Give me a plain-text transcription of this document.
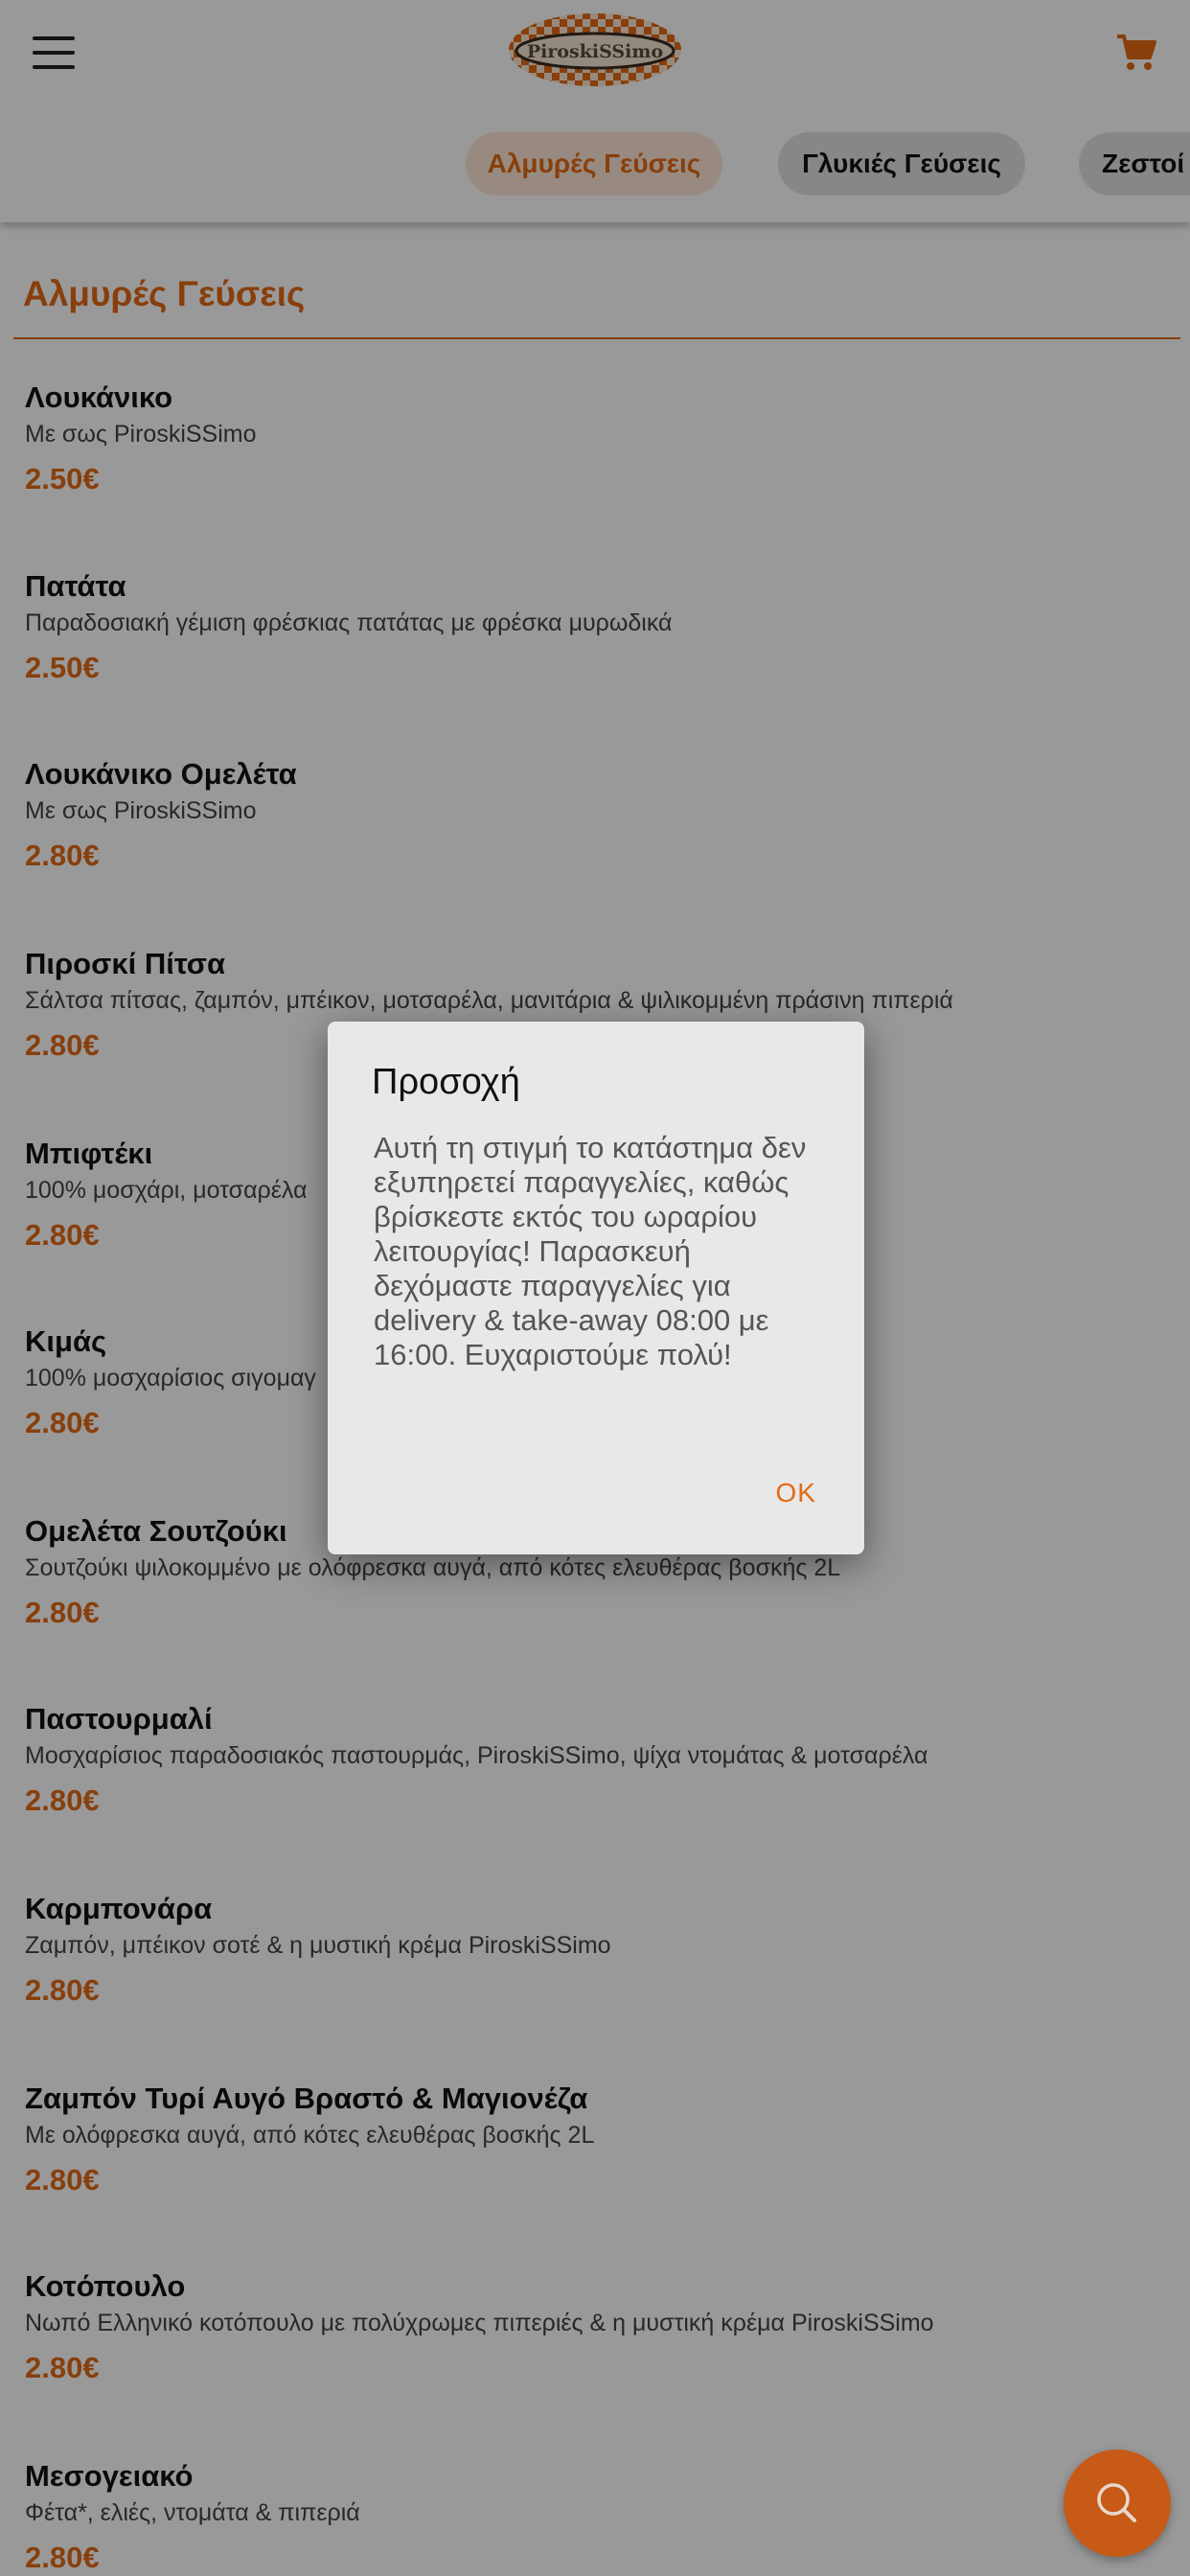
PiroskiSSimo
Αλμυρές Γεύσεις	Γλυκιές Γεύσεις	Ζεστοί
Αλμυρές Γεύσεις
Λουκάνικο
Με σως PiroskiSSimo
2.50€
Πατάτα
Παραδοσιακή γέμιση φρέσκιας πατάτας με φρέσκα μυρωδικά
2.50€
Λουκάνικο Ομελέτα
Με σως PiroskiSSimo
2.80€
Πιροσκί Πίτσα
Σάλτσα πίτσας, ζαμπόν, μπέικον, μοτσαρέλα, μανιτάρια & ψιλικομμένη πράσινη πιπεριά
2.80€
Μπιφτέκι
100% μοσχάρι, μοτσαρέλα
2.80€
Κιμάς
100% μοσχαρίσιος σιγομαγ
2.80€
Ομελέτα Σουτζούκι
Σουτζούκι ψιλοκομμένο με ολόφρεσκα αυγά, από κότες ελευθέρας βοσκής 2L
2.80€
Παστουρμαλί
Μοσχαρίσιος παραδοσιακός παστουρμάς, PiroskiSSimo, ψίχα ντομάτας & μοτσαρέλα
2.80€
Καρμπονάρα
Ζαμπόν, μπέικον σοτέ & η μυστική κρέμα PiroskiSSimo
2.80€
Ζαμπόν Τυρί Αυγό Βραστό & Μαγιονέζα
Με ολόφρεσκα αυγά, από κότες ελευθέρας βοσκής 2L
2.80€
Κοτόπουλο
Νωπό Ελληνικό κοτόπουλο με πολύχρωμες πιπεριές & η μυστική κρέμα PiroskiSSimo
2.80€
Μεσογειακό
Φέτα*, ελιές, ντομάτα & πιπεριά
2.80€
Προσοχή
Αυτή τη στιγμή το κατάστημα δεν εξυπηρετεί παραγγελίες, καθώς βρίσκεστε εκτός του ωραρίου λειτουργίας! Παρασκευή δεχόμαστε παραγγελίες για delivery & take-away 08:00 με 16:00. Ευχαριστούμε πολύ!
OK
